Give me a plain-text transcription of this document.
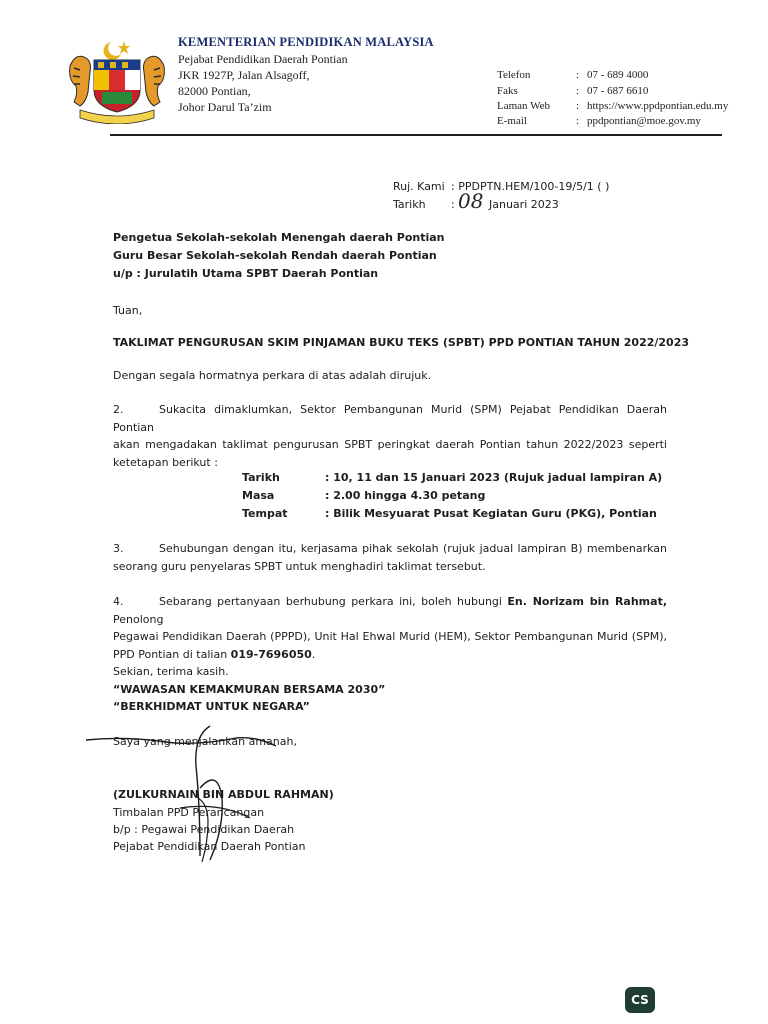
KEMENTERIAN PENDIDIKAN MALAYSIA
Pejabat Pendidikan Daerah Pontian
JKR 1927P, Jalan Alsagoff,
82000 Pontian,
Johor Darul Ta’zim
Telefon	: 07 - 689 4000
Faks	: 07 - 687 6610
Laman Web : https://www.ppdpontian.edu.my
E-mail	: ppdpontian@moe.gov.my
Ruj. Kami : PPDPTN.HEM/100-19/5/1 ( )
Tarikh : 08 Januari 2023
Pengetua Sekolah-sekolah Menengah daerah Pontian
Guru Besar Sekolah-sekolah Rendah daerah Pontian
u/p : Jurulatih Utama SPBT Daerah Pontian
Tuan,
TAKLIMAT PENGURUSAN SKIM PINJAMAN BUKU TEKS (SPBT) PPD PONTIAN TAHUN 2022/2023
Dengan segala hormatnya perkara di atas adalah dirujuk.
2.	Sukacita dimaklumkan, Sektor Pembangunan Murid (SPM) Pejabat Pendidikan Daerah Pontian
akan mengadakan taklimat pengurusan SPBT peringkat daerah Pontian tahun 2022/2023 seperti
ketetapan berikut :
Tarikh	: 10, 11 dan 15 Januari 2023 (Rujuk jadual lampiran A)
Masa	: 2.00 hingga 4.30 petang
Tempat	: Bilik Mesyuarat Pusat Kegiatan Guru (PKG), Pontian
3.	Sehubungan dengan itu, kerjasama pihak sekolah (rujuk jadual lampiran B) membenarkan
seorang guru penyelaras SPBT untuk menghadiri taklimat tersebut.
4.	Sebarang pertanyaan berhubung perkara ini, boleh hubungi En. Norizam bin Rahmat, Penolong
Pegawai Pendidikan Daerah (PPPD), Unit Hal Ehwal Murid (HEM), Sektor Pembangunan Murid (SPM),
PPD Pontian di talian 019-7696050.
Sekian, terima kasih.
“WAWASAN KEMAKMURAN BERSAMA 2030”
“BERKHIDMAT UNTUK NEGARA”
Saya yang menjalankan amanah,
(ZULKURNAIN BIN ABDUL RAHMAN)
Timbalan PPD Perancangan
b/p : Pegawai Pendidikan Daerah
Pejabat Pendidikan Daerah Pontian
CS
